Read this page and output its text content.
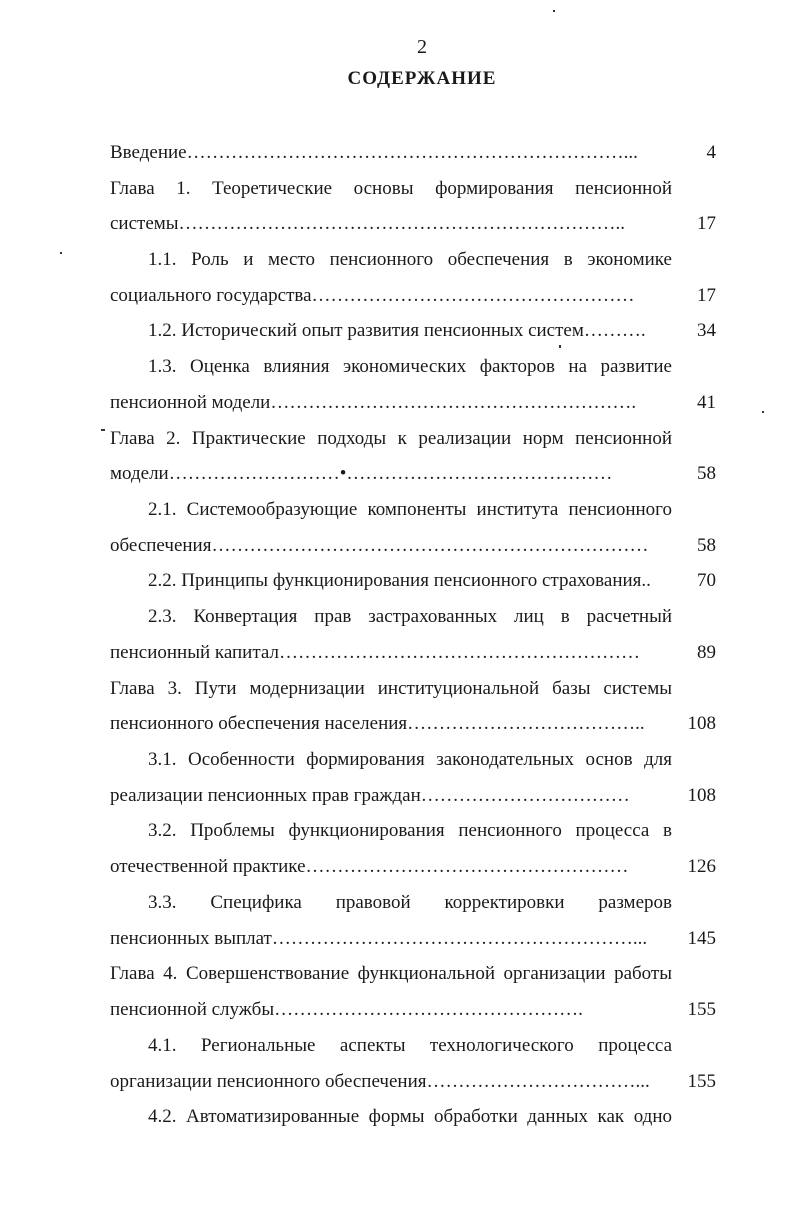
2
СОДЕРЖАНИЕ
Введение……………………………………………………………...	4
Глава 1. Теоретические основы формирования пенсионной
системы……………………………………………………………..	17
1.1. Роль и место пенсионного обеспечения в экономике
социального государства……………………………………………	17
1.2. Исторический опыт развития пенсионных систем……….	34
1.3. Оценка влияния экономических факторов на развитие
пенсионной модели………………………………………………….	41
Глава 2. Практические подходы к реализации норм пенсионной
модели………………………•……………………………………	58
2.1. Системообразующие компоненты института пенсионного
обеспечения……………………………………………………………	58
2.2. Принципы функционирования пенсионного страхования..	70
2.3. Конвертация прав застрахованных лиц в расчетный
пенсионный капитал…………………………………………………	89
Глава 3. Пути модернизации институциональной базы системы
пенсионного обеспечения населения………………………………..	108
3.1. Особенности формирования законодательных основ для
реализации пенсионных прав граждан……………………………	108
3.2. Проблемы функционирования пенсионного процесса в
отечественной практике……………………………………………	126
3.3. Специфика правовой корректировки размеров
пенсионных выплат…………………………………………………...	145
Глава 4. Совершенствование функциональной организации работы
пенсионной службы………………………………………….	155
4.1. Региональные аспекты технологического процесса
организации пенсионного обеспечения……………………………...	155
4.2. Автоматизированные формы обработки данных как одно
